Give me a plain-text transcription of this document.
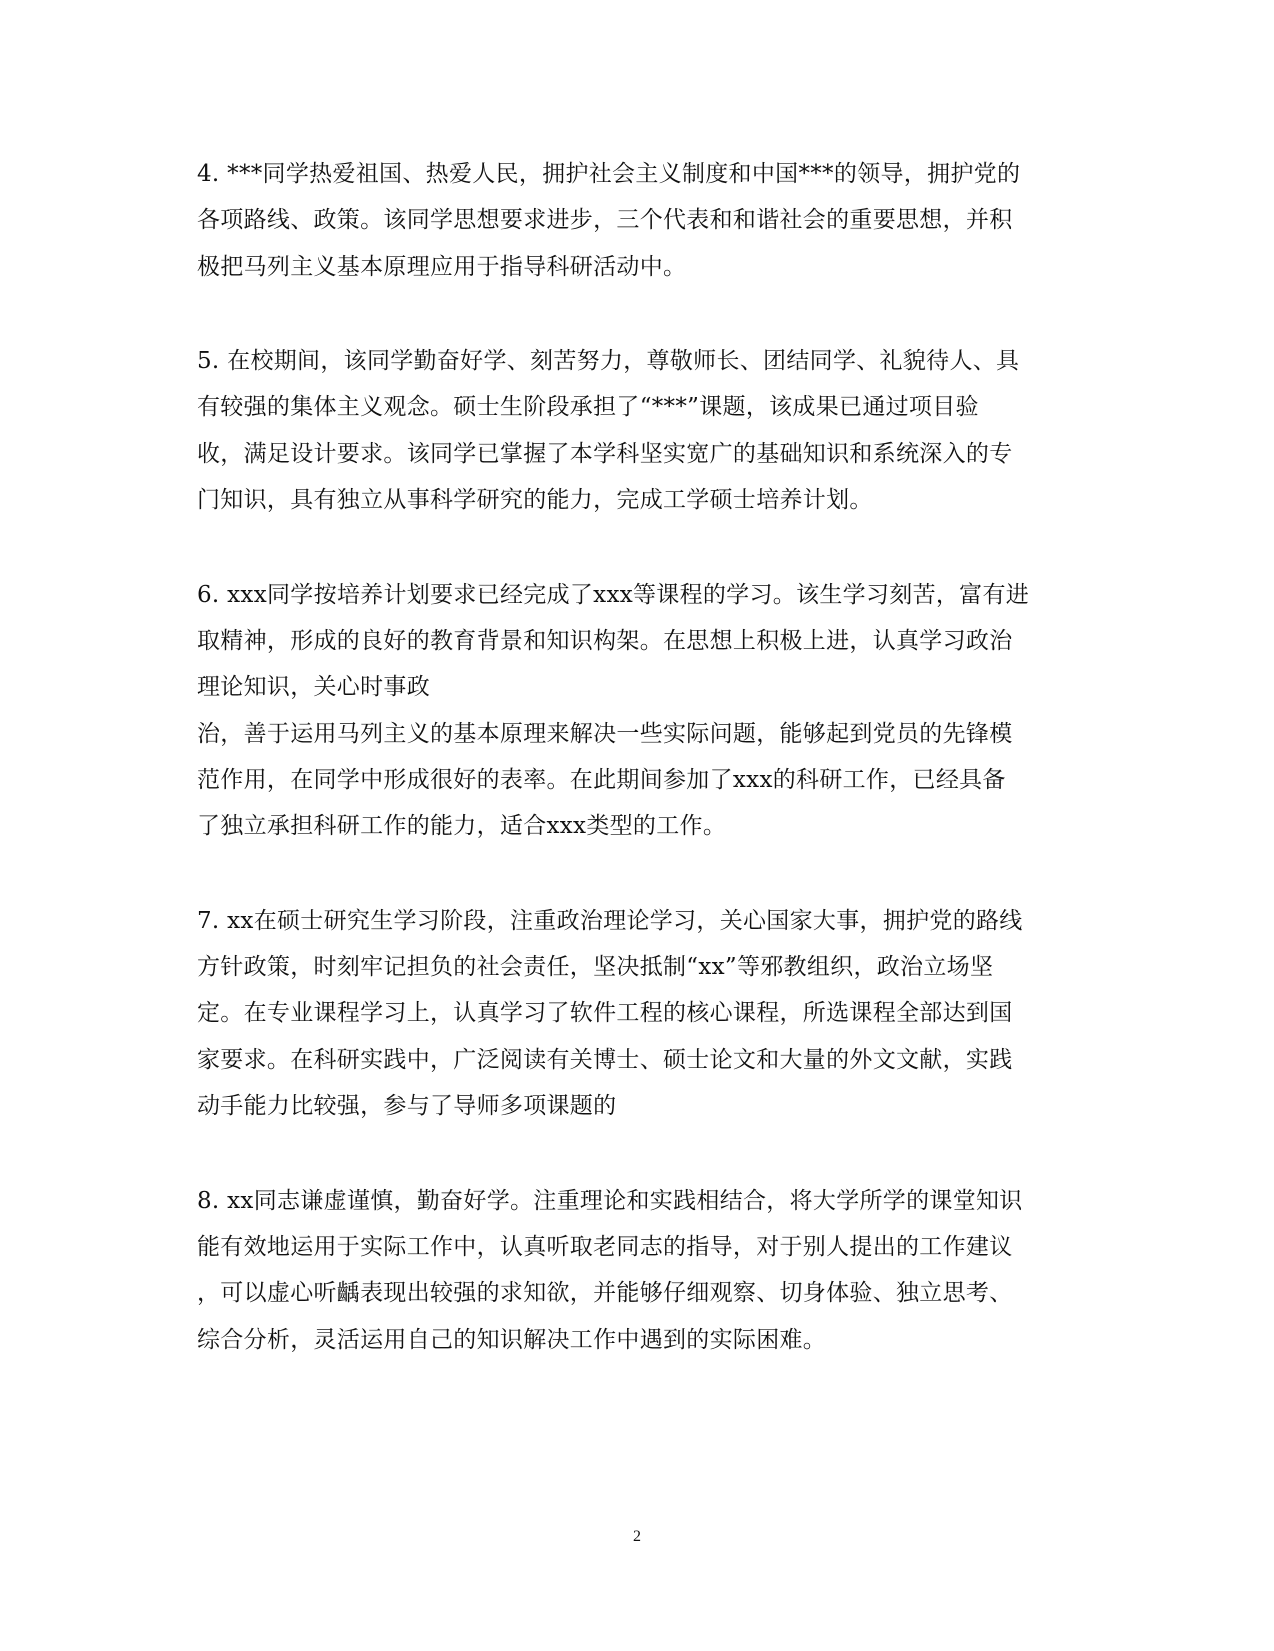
4. ***同学热爱祖国、热爱人民，拥护社会主义制度和中国***的领导，拥护党的
各项路线、政策。该同学思想要求进步，三个代表和和谐社会的重要思想，并积
极把马列主义基本原理应用于指导科研活动中。
5. 在校期间，该同学勤奋好学、刻苦努力，尊敬师长、团结同学、礼貌待人、具
有较强的集体主义观念。硕士生阶段承担了“***”课题，该成果已通过项目验
收，满足设计要求。该同学已掌握了本学科坚实宽广的基础知识和系统深入的专
门知识，具有独立从事科学研究的能力，完成工学硕士培养计划。
6. xxx同学按培养计划要求已经完成了xxx等课程的学习。该生学习刻苦，富有进
取精神，形成的良好的教育背景和知识构架。在思想上积极上进，认真学习政治
理论知识，关心时事政
治，善于运用马列主义的基本原理来解决一些实际问题，能够起到党员的先锋模
范作用，在同学中形成很好的表率。在此期间参加了xxx的科研工作，已经具备
了独立承担科研工作的能力，适合xxx类型的工作。
7. xx在硕士研究生学习阶段，注重政治理论学习，关心国家大事，拥护党的路线
方针政策，时刻牢记担负的社会责任，坚决抵制“xx”等邪教组织，政治立场坚
定。在专业课程学习上，认真学习了软件工程的核心课程，所选课程全部达到国
家要求。在科研实践中，广泛阅读有关博士、硕士论文和大量的外文文献，实践
动手能力比较强，参与了导师多项课题的
8. xx同志谦虚谨慎，勤奋好学。注重理论和实践相结合，将大学所学的课堂知识
能有效地运用于实际工作中，认真听取老同志的指导，对于别人提出的工作建议
，可以虚心听齲表现出较强的求知欲，并能够仔细观察、切身体验、独立思考、
综合分析，灵活运用自己的知识解决工作中遇到的实际困难。
2
